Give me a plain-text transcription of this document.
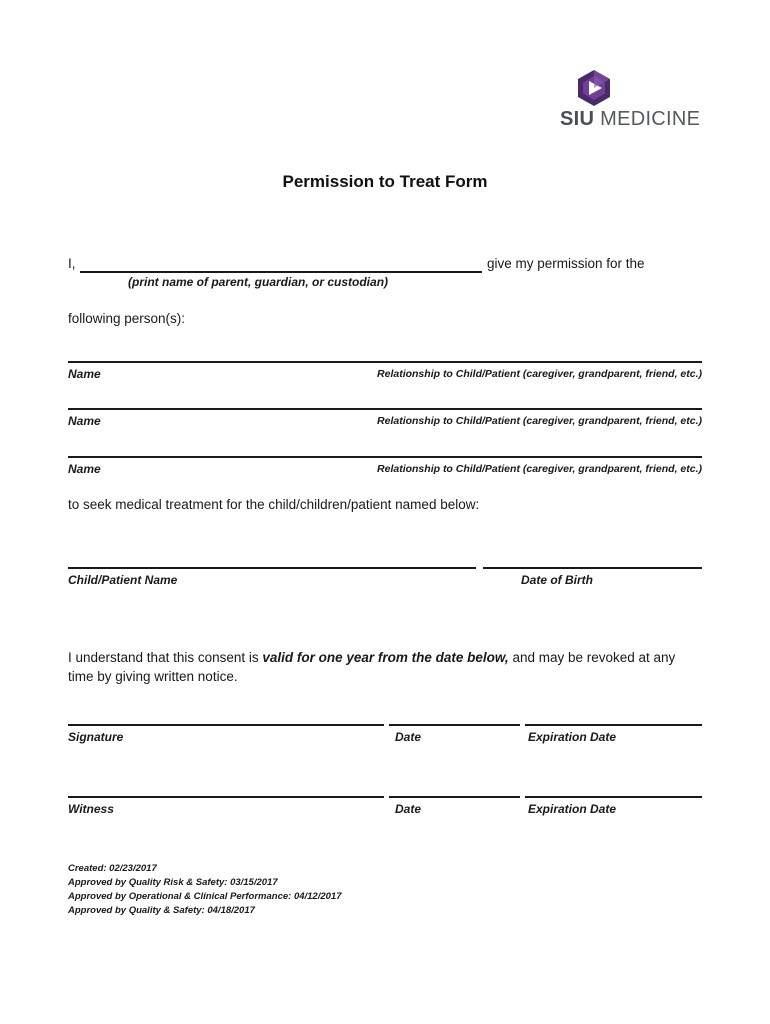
SIU MEDICINE
Permission to Treat Form
I,	give my permission for the
(print name of parent, guardian, or custodian)
following person(s):
Name	Relationship to Child/Patient (caregiver, grandparent, friend, etc.)
Name	Relationship to Child/Patient (caregiver, grandparent, friend, etc.)
Name	Relationship to Child/Patient (caregiver, grandparent, friend, etc.)
to seek medical treatment for the child/children/patient named below:
Child/Patient Name	Date of Birth
I understand that this consent is valid for one year from the date below, and may be revoked at any
time by giving written notice.
Signature	Date	Expiration Date
Witness	Date	Expiration Date
Created: 02/23/2017
Approved by Quality Risk & Safety: 03/15/2017
Approved by Operational & Clinical Performance: 04/12/2017
Approved by Quality & Safety: 04/18/2017
